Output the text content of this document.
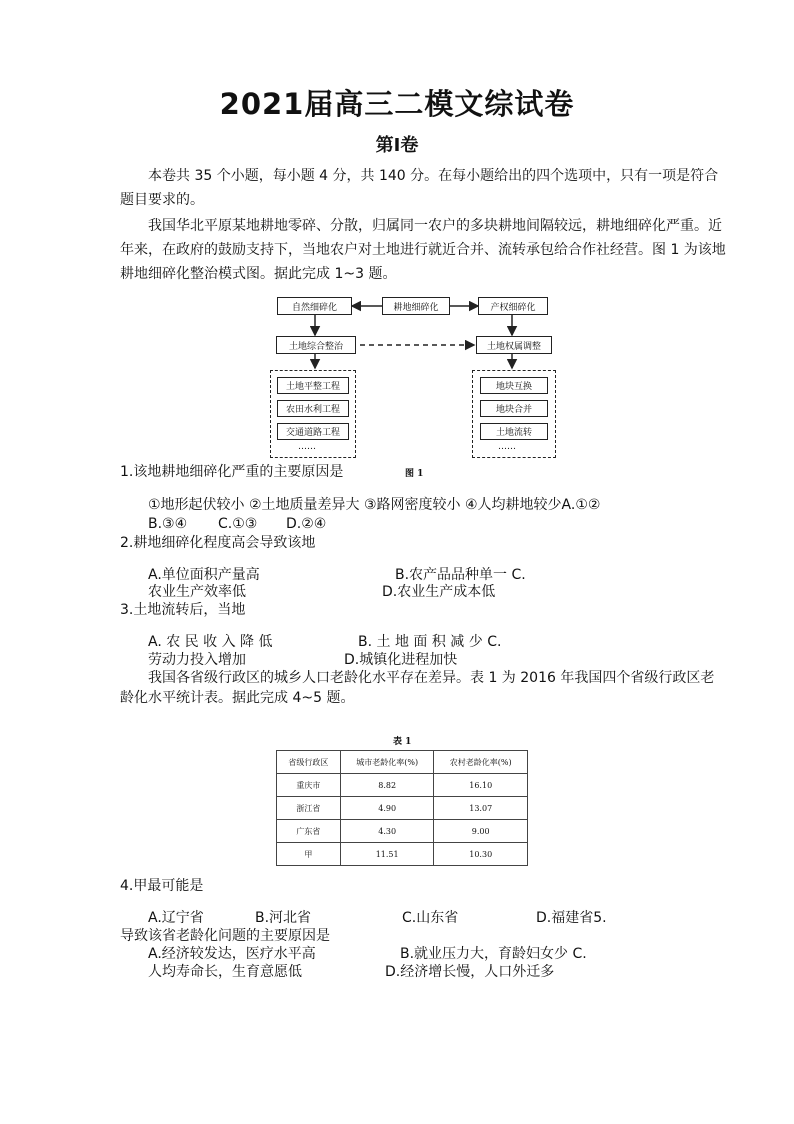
2021届高三二模文综试卷
第Ⅰ卷
本卷共 35 个小题，每小题 4 分，共 140 分。在每小题给出的四个选项中，只有一项是符合
题目要求的。
我国华北平原某地耕地零碎、分散，归属同一农户的多块耕地间隔较远，耕地细碎化严重。近
年来，在政府的鼓励支持下，当地农户对土地进行就近合并、流转承包给合作社经营。图 1 为该地
耕地细碎化整治模式图。据此完成 1~3 题。
自然细碎化	耕地细碎化	产权细碎化
土地综合整治	土地权属调整
土地平整工程
农田水利工程
交通道路工程
……
地块互换
地块合并
土地流转
……
图 1
1.该地耕地细碎化严重的主要原因是
①地形起伏较小 ②土地质量差异大 ③路网密度较小 ④人均耕地较少A.①②
B.③④ C.①③ D.②④
2.耕地细碎化程度高会导致该地
A.单位面积产量高	B.农产品品种单一 C.
农业生产效率低	D.农业生产成本低
3.土地流转后，当地
A. 农 民 收 入 降 低	B. 土 地 面 积 减 少 C.
劳动力投入增加	D.城镇化进程加快
我国各省级行政区的城乡人口老龄化水平存在差异。表 1 为 2016 年我国四个省级行政区老
龄化水平统计表。据此完成 4~5 题。
表 1
省级行政区	城市老龄化率(%)	农村老龄化率(%)
重庆市	8.82	16.10
浙江省	4.90	13.07
广东省	4.30	9.00
甲	11.51	10.30
4.甲最可能是
A.辽宁省	B.河北省	C.山东省	D.福建省5.
导致该省老龄化问题的主要原因是
A.经济较发达，医疗水平高	B.就业压力大，育龄妇女少 C.
人均寿命长，生育意愿低	D.经济增长慢，人口外迁多
